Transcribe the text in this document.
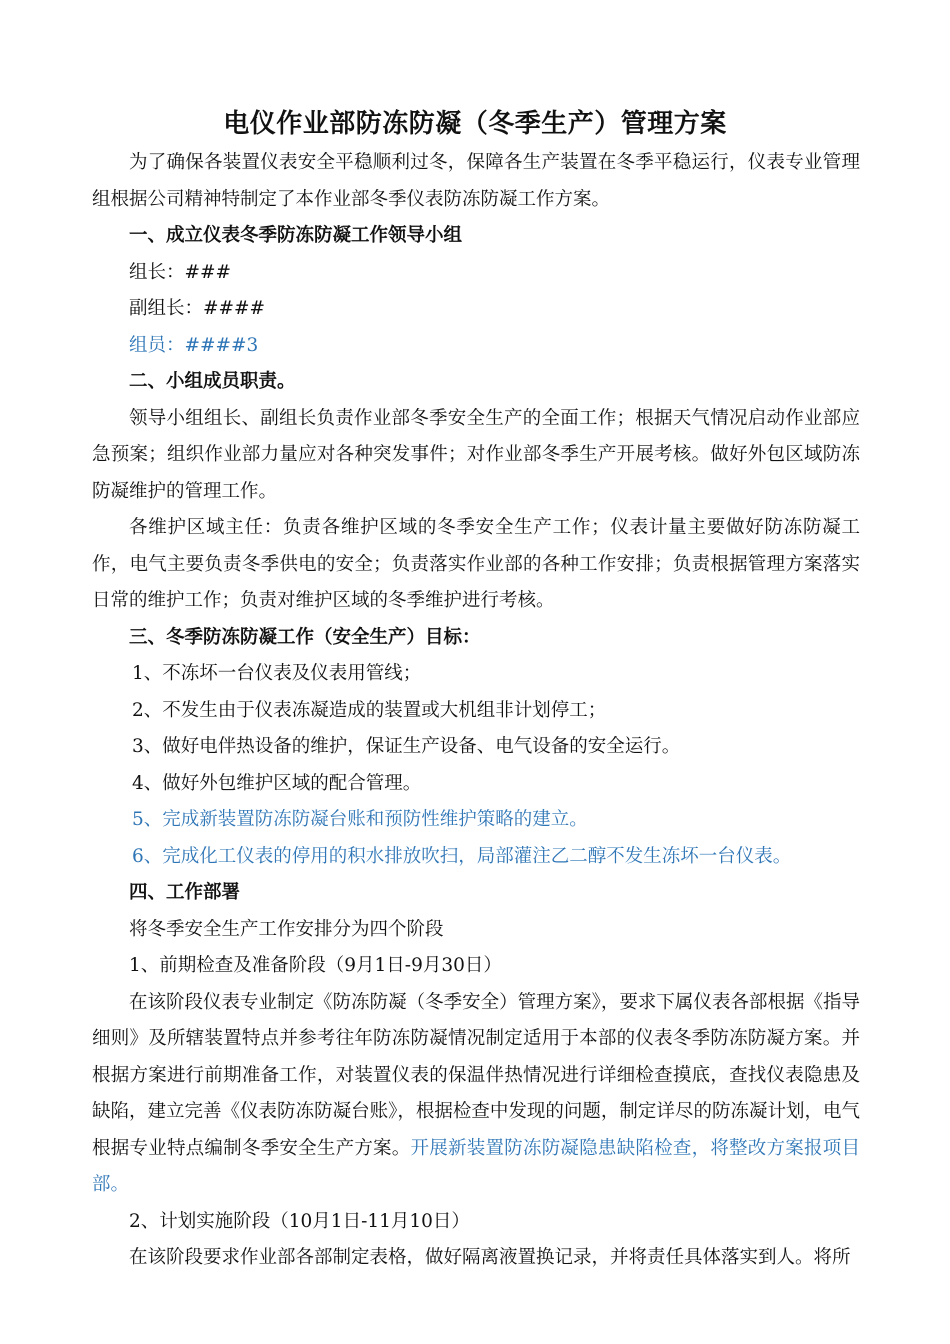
电仪作业部防冻防凝（冬季生产）管理方案

为了确保各装置仪表安全平稳顺利过冬，保障各生产装置在冬季平稳运行，仪表专业管理组根据公司精神特制定了本作业部冬季仪表防冻防凝工作方案。

一、成立仪表冬季防冻防凝工作领导小组

组长：###

副组长：####

组员：####3

二、小组成员职责。

领导小组组长、副组长负责作业部冬季安全生产的全面工作；根据天气情况启动作业部应急预案；组织作业部力量应对各种突发事件；对作业部冬季生产开展考核。做好外包区域防冻防凝维护的管理工作。

各维护区域主任：负责各维护区域的冬季安全生产工作；仪表计量主要做好防冻防凝工作，电气主要负责冬季供电的安全；负责落实作业部的各种工作安排；负责根据管理方案落实日常的维护工作；负责对维护区域的冬季维护进行考核。

三、冬季防冻防凝工作（安全生产）目标：

1、不冻坏一台仪表及仪表用管线；

2、不发生由于仪表冻凝造成的装置或大机组非计划停工；

3、做好电伴热设备的维护，保证生产设备、电气设备的安全运行。

4、做好外包维护区域的配合管理。

5、完成新装置防冻防凝台账和预防性维护策略的建立。

6、完成化工仪表的停用的积水排放吹扫，局部灌注乙二醇不发生冻坏一台仪表。

四、工作部署

将冬季安全生产工作安排分为四个阶段

1、前期检查及准备阶段（9月1日-9月30日）

在该阶段仪表专业制定《防冻防凝（冬季安全）管理方案》，要求下属仪表各部根据《指导细则》及所辖装置特点并参考往年防冻防凝情况制定适用于本部的仪表冬季防冻防凝方案。并根据方案进行前期准备工作，对装置仪表的保温伴热情况进行详细检查摸底，查找仪表隐患及缺陷，建立完善《仪表防冻防凝台账》，根据检查中发现的问题，制定详尽的防冻凝计划，电气根据专业特点编制冬季安全生产方案。开展新装置防冻防凝隐患缺陷检查，将整改方案报项目部。

2、计划实施阶段（10月1日-11月10日）

在该阶段要求作业部各部制定表格，做好隔离液置换记录，并将责任具体落实到人。将所
